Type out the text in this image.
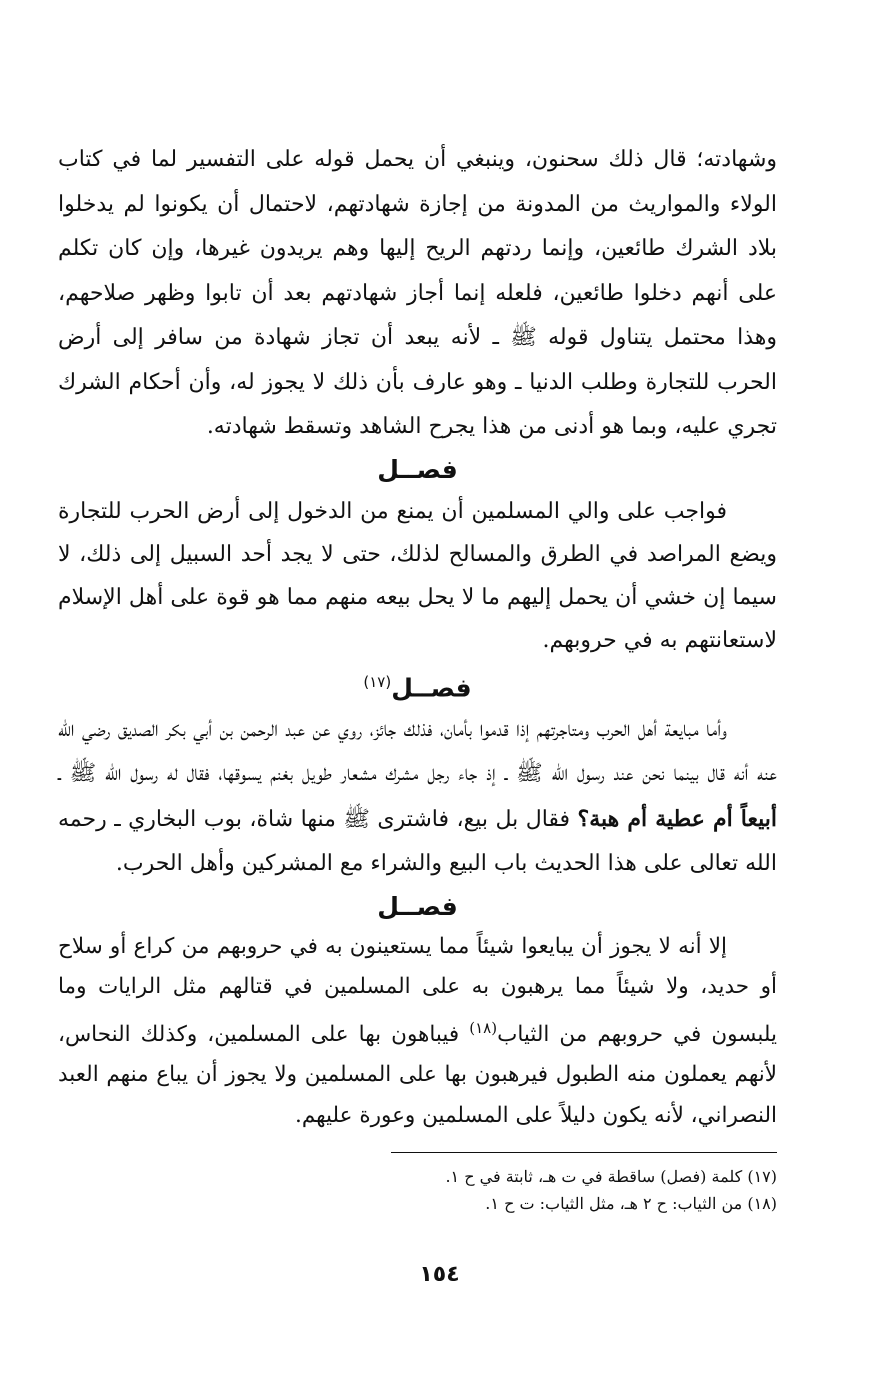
وشهادته؛ قال ذلك سحنون، وينبغي أن يحمل قوله على التفسير لما في كتاب الولاء والمواريث من المدونة من إجازة شهادتهم، لاحتمال أن يكونوا لم يدخلوا بلاد الشرك طائعين، وإنما ردتهم الريح إليها وهم يريدون غيرها، وإن كان تكلم على أنهم دخلوا طائعين، فلعله إنما أجاز شهادتهم بعد أن تابوا وظهر صلاحهم، وهذا محتمل يتناول قوله ﷺ ـ لأنه يبعد أن تجاز شهادة من سافر إلى أرض الحرب للتجارة وطلب الدنيا ـ وهو عارف بأن ذلك لا يجوز له، وأن أحكام الشرك تجري عليه، وبما هو أدنى من هذا يجرح الشاهد وتسقط شهادته.

فصــل

فواجب على والي المسلمين أن يمنع من الدخول إلى أرض الحرب للتجارة ويضع المراصد في الطرق والمسالح لذلك، حتى لا يجد أحد السبيل إلى ذلك، لا سيما إن خشي أن يحمل إليهم ما لا يحل بيعه منهم مما هو قوة على أهل الإسلام لاستعانتهم به في حروبهم.

فصــل$^{(١٧)}$

وأما مبايعة أهل الحرب ومتاجرتهم إذا قدموا بأمان، فذلك جائز، روي عن عبد الرحمن بن أبي بكر الصديق رضي الله عنه أنه قال بينما نحن عند رسول الله ﷺ ـ إذ جاء رجل مشرك مشعار طويل بغنم يسوقها، فقال له رسول الله ﷺ ـ أبيعاً أم عطية أم هبة؟ فقال بل بيع، فاشترى ﷺ منها شاة، بوب البخاري ـ رحمه الله تعالى على هذا الحديث باب البيع والشراء مع المشركين وأهل الحرب.

فصــل

إلا أنه لا يجوز أن يبايعوا شيئاً مما يستعينون به في حروبهم من كراع أو سلاح أو حديد، ولا شيئاً مما يرهبون به على المسلمين في قتالهم مثل الرايات وما يلبسون في حروبهم من الثياب$^{(١٨)}$ فيباهون بها على المسلمين، وكذلك النحاس، لأنهم يعملون منه الطبول فيرهبون بها على المسلمين ولا يجوز أن يباع منهم العبد النصراني، لأنه يكون دليلاً على المسلمين وعورة عليهم.

(١٧) كلمة (فصل) ساقطة في ت هـ، ثابتة في ح ١.

(١٨) من الثياب: ح ٢ هـ، مثل الثياب: ت ح ١.

١٥٤
